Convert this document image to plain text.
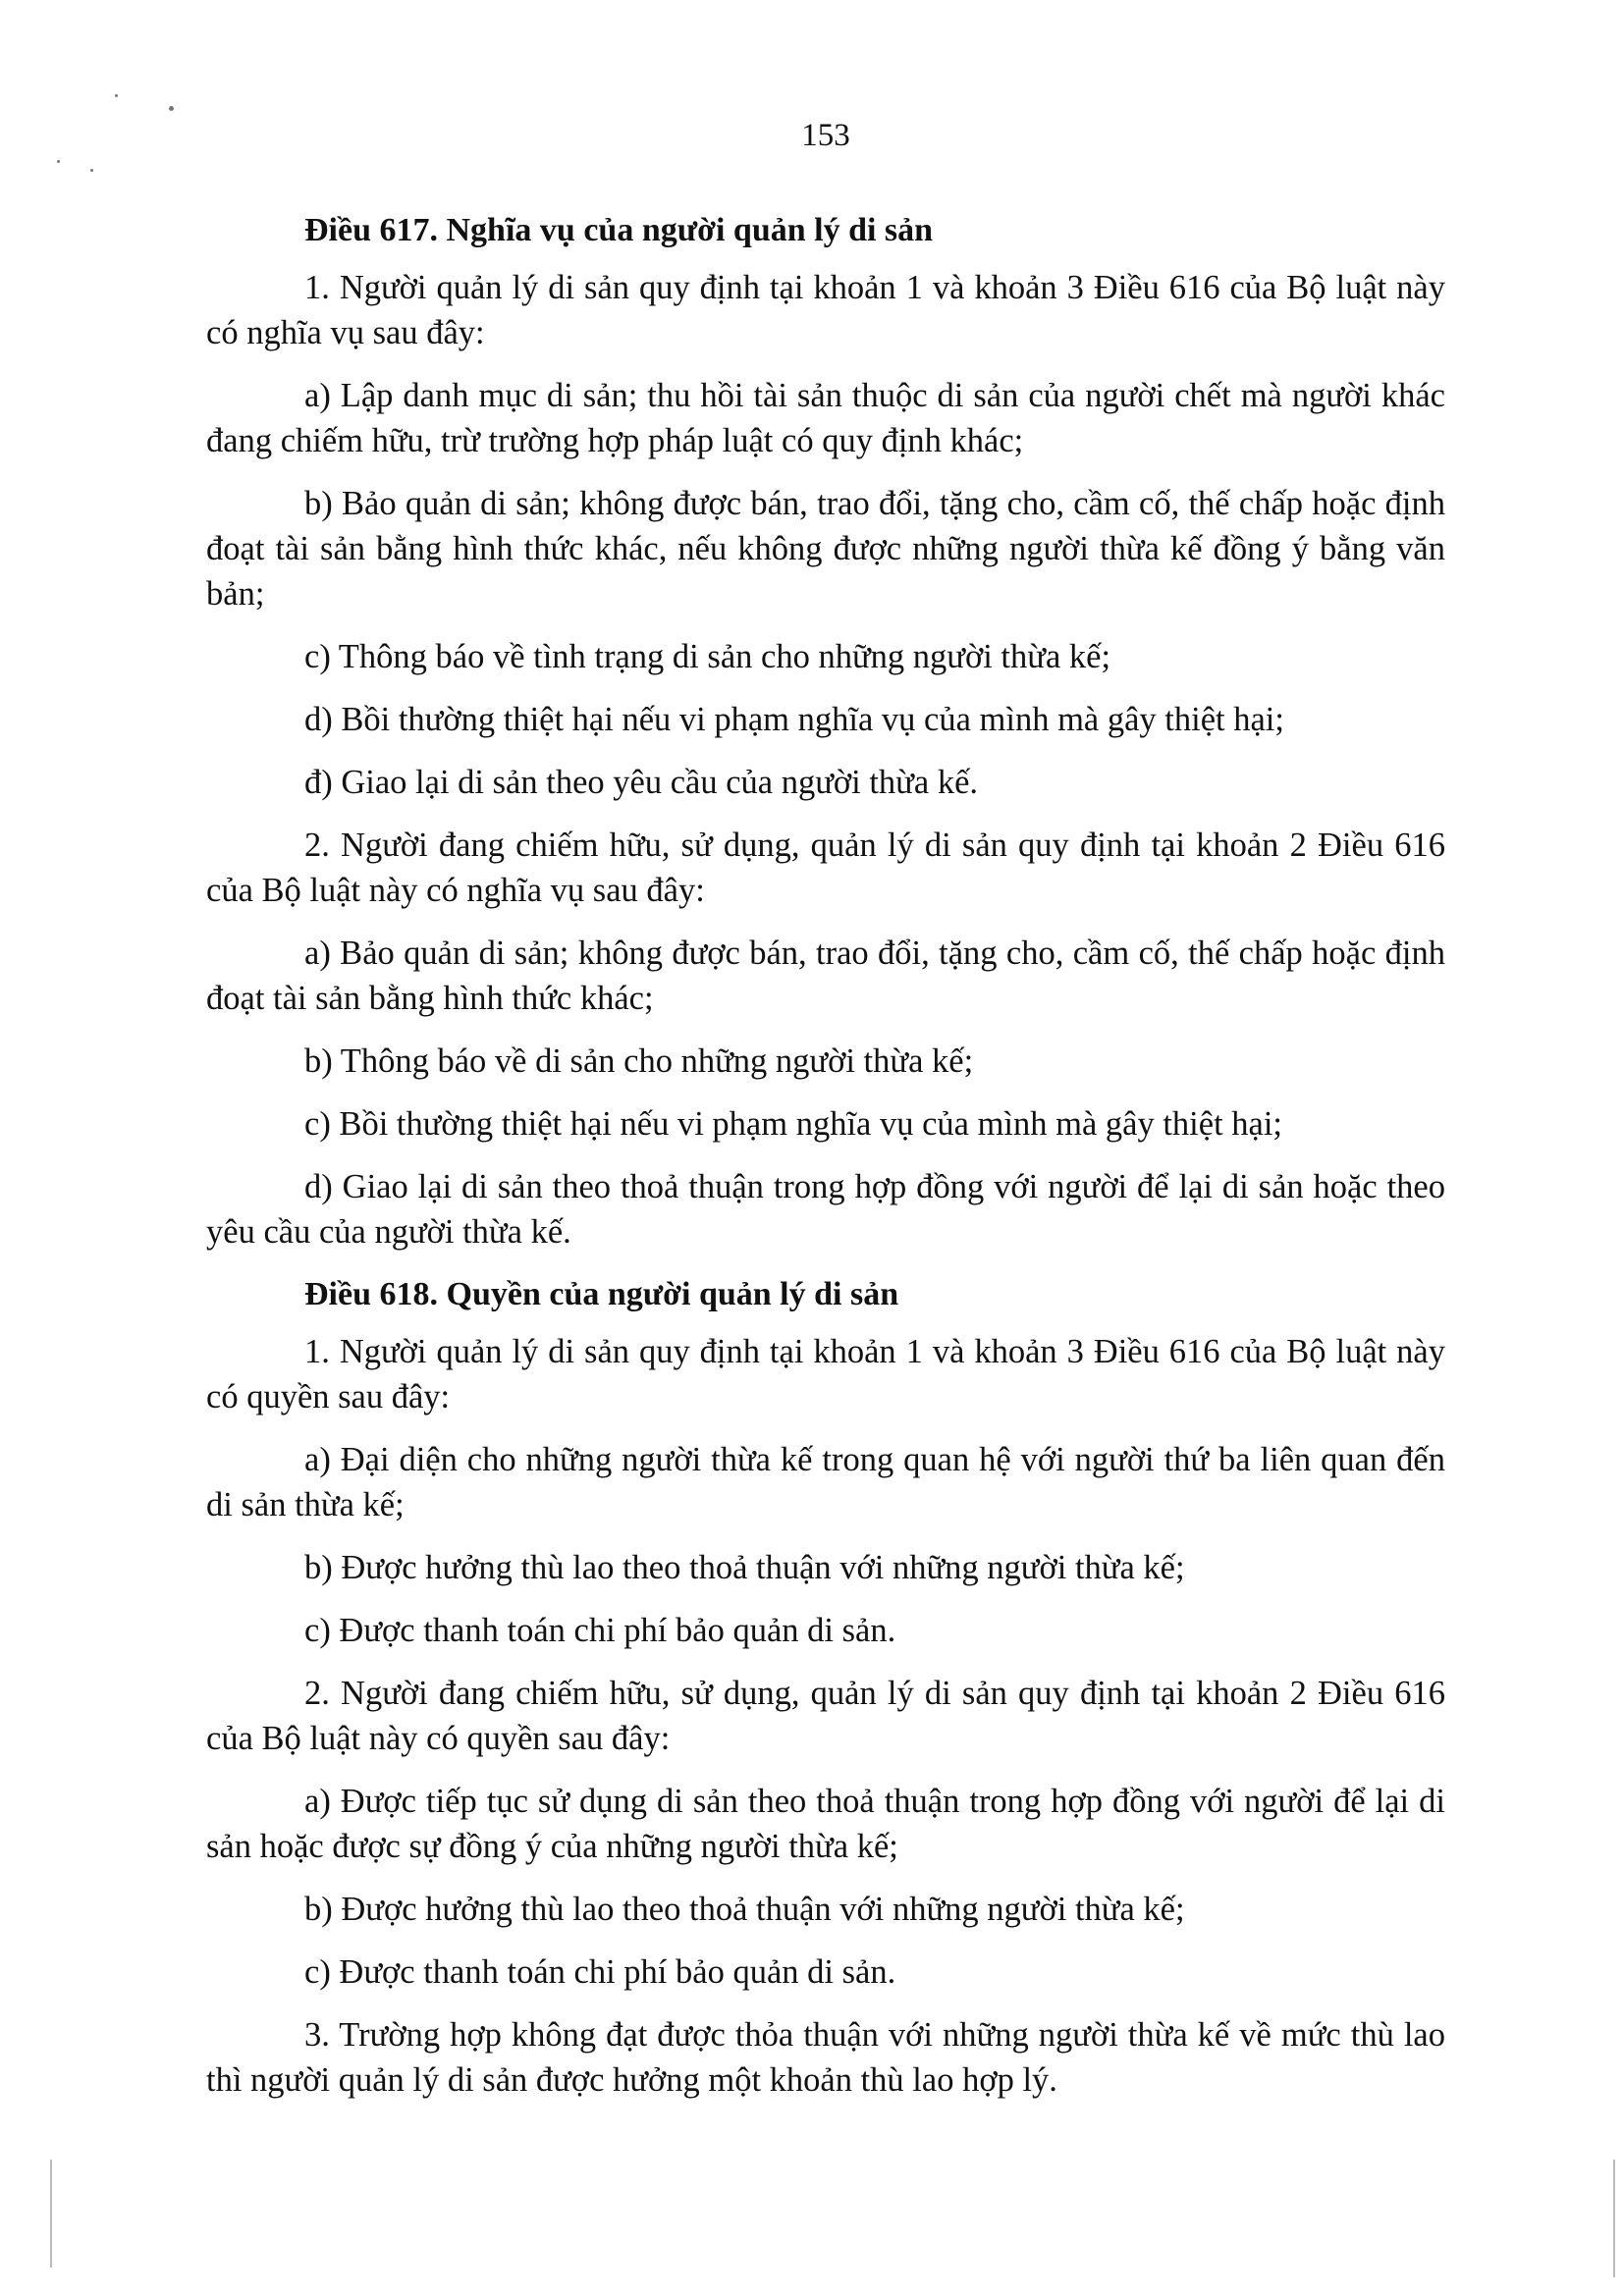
153
Điều 617. Nghĩa vụ của người quản lý di sản

1. Người quản lý di sản quy định tại khoản 1 và khoản 3 Điều 616 của Bộ luật này có nghĩa vụ sau đây:

a) Lập danh mục di sản; thu hồi tài sản thuộc di sản của người chết mà người khác đang chiếm hữu, trừ trường hợp pháp luật có quy định khác;

b) Bảo quản di sản; không được bán, trao đổi, tặng cho, cầm cố, thế chấp hoặc định đoạt tài sản bằng hình thức khác, nếu không được những người thừa kế đồng ý bằng văn bản;

c) Thông báo về tình trạng di sản cho những người thừa kế;

d) Bồi thường thiệt hại nếu vi phạm nghĩa vụ của mình mà gây thiệt hại;

đ) Giao lại di sản theo yêu cầu của người thừa kế.

2. Người đang chiếm hữu, sử dụng, quản lý di sản quy định tại khoản 2 Điều 616 của Bộ luật này có nghĩa vụ sau đây:

a) Bảo quản di sản; không được bán, trao đổi, tặng cho, cầm cố, thế chấp hoặc định đoạt tài sản bằng hình thức khác;

b) Thông báo về di sản cho những người thừa kế;

c) Bồi thường thiệt hại nếu vi phạm nghĩa vụ của mình mà gây thiệt hại;

d) Giao lại di sản theo thoả thuận trong hợp đồng với người để lại di sản hoặc theo yêu cầu của người thừa kế.

Điều 618. Quyền của người quản lý di sản

1. Người quản lý di sản quy định tại khoản 1 và khoản 3 Điều 616 của Bộ luật này có quyền sau đây:

a) Đại diện cho những người thừa kế trong quan hệ với người thứ ba liên quan đến di sản thừa kế;

b) Được hưởng thù lao theo thoả thuận với những người thừa kế;

c) Được thanh toán chi phí bảo quản di sản.

2. Người đang chiếm hữu, sử dụng, quản lý di sản quy định tại khoản 2 Điều 616 của Bộ luật này có quyền sau đây:

a) Được tiếp tục sử dụng di sản theo thoả thuận trong hợp đồng với người để lại di sản hoặc được sự đồng ý của những người thừa kế;

b) Được hưởng thù lao theo thoả thuận với những người thừa kế;

c) Được thanh toán chi phí bảo quản di sản.

3. Trường hợp không đạt được thỏa thuận với những người thừa kế về mức thù lao thì người quản lý di sản được hưởng một khoản thù lao hợp lý.
